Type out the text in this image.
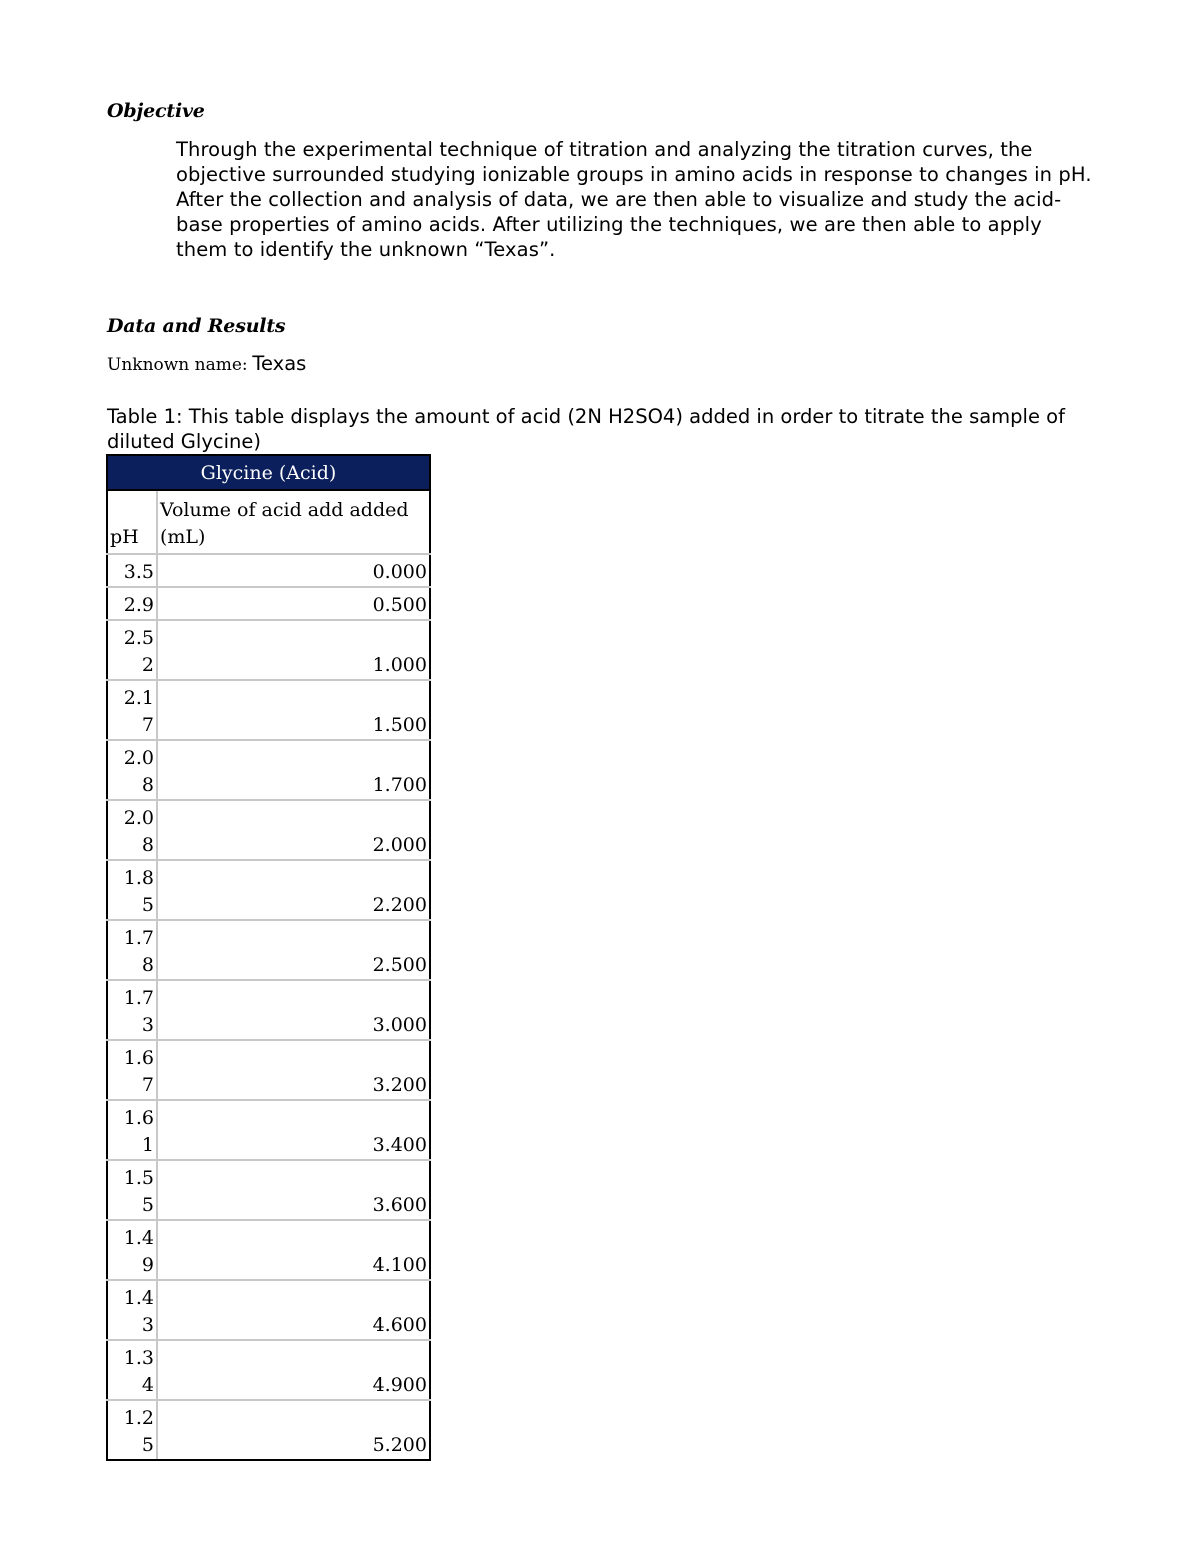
Objective
Through the experimental technique of titration and analyzing the titration curves, the objective surrounded studying ionizable groups in amino acids in response to changes in pH. After the collection and analysis of data, we are then able to visualize and study the acid-base properties of amino acids. After utilizing the techniques, we are then able to apply them to identify the unknown “Texas”.
Data and Results
Unknown name: Texas
Table 1: This table displays the amount of acid (2N H2SO4) added in order to titrate the sample of diluted Glycine)
Glycine (Acid)	
pH	Volume of acid add added (mL)
3.5	0.000
2.9	0.500
2.52	1.000
2.17	1.500
2.08	1.700
2.08	2.000
1.85	2.200
1.78	2.500
1.73	3.000
1.67	3.200
1.61	3.400
1.55	3.600
1.49	4.100
1.43	4.600
1.34	4.900
1.25	5.200
